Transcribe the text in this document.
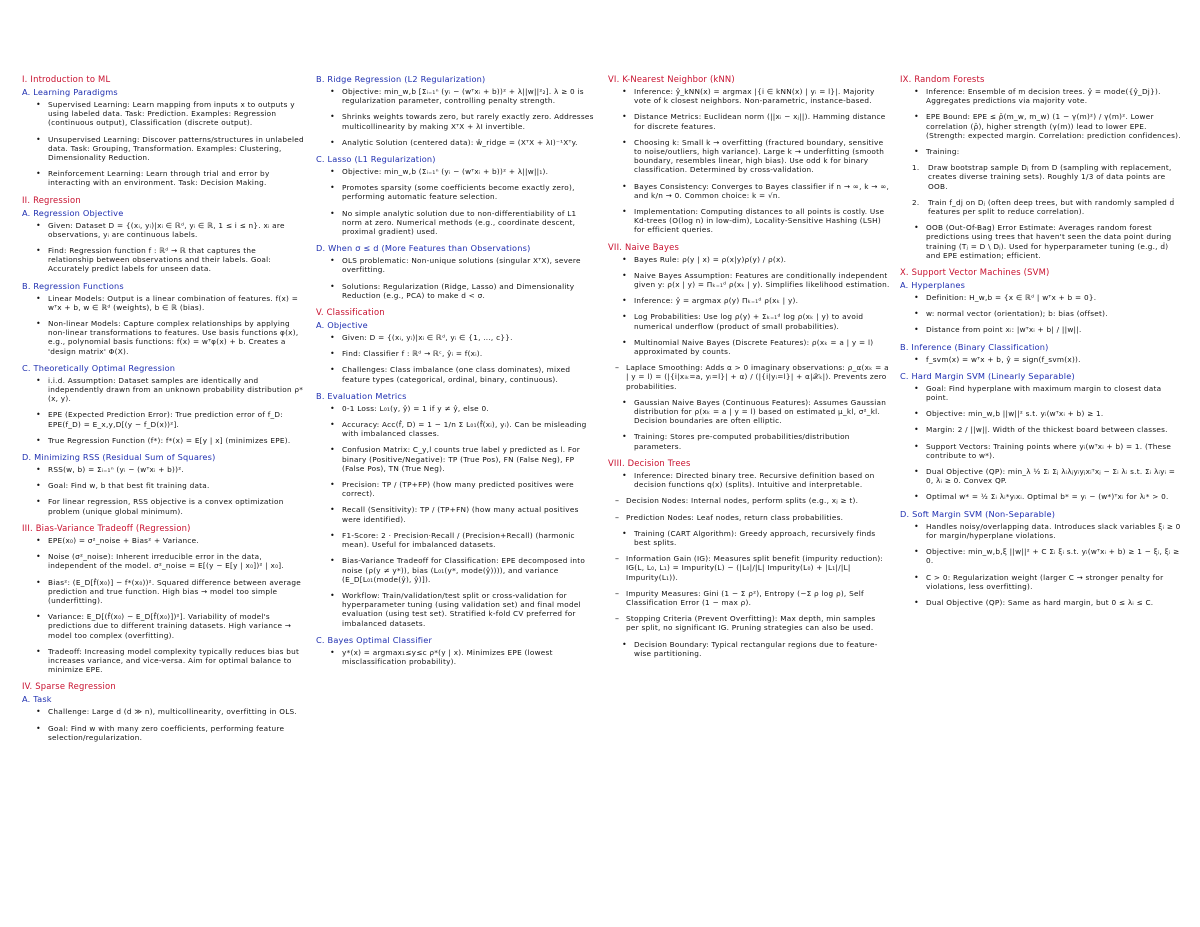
I. Introduction to ML
A. Learning Paradigms
• Supervised Learning: Learn mapping from inputs x to outputs y using labeled data. Task: Prediction. Examples: Regression (continuous output), Classification (discrete output).
• Unsupervised Learning: Discover patterns/structures in unlabeled data. Task: Grouping, Transformation. Examples: Clustering, Dimensionality Reduction.
• Reinforcement Learning: Learn through trial and error by interacting with an environment. Task: Decision Making.
II. Regression
A. Regression Objective
• Given: Dataset D = {(xᵢ, yᵢ)|xᵢ ∈ ℝᵈ, yᵢ ∈ ℝ, 1 ≤ i ≤ n}. xᵢ are observations, yᵢ are continuous labels.
• Find: Regression function f : ℝᵈ → ℝ that captures the relationship between observations and their labels. Goal: Accurately predict labels for unseen data.
B. Regression Functions
• Linear Models: Output is a linear combination of features. f(x) = wᵀx + b, w ∈ ℝᵈ (weights), b ∈ ℝ (bias).
• Non-linear Models: Capture complex relationships by applying non-linear transformations to features. Use basis functions φ(x), e.g., polynomial basis functions: f(x) = wᵀφ(x) + b. Creates a 'design matrix' Φ(X).
C. Theoretically Optimal Regression
• i.i.d. Assumption: Dataset samples are identically and independently drawn from an unknown probability distribution ρ*(x, y).
• EPE (Expected Prediction Error): True prediction error of f_D: EPE(f_D) = E_x,y,D[(y − f_D(x))²].
• True Regression Function (f*): f*(x) = E[y | x] (minimizes EPE).
D. Minimizing RSS (Residual Sum of Squares)
• RSS(w, b) = Σᵢ₌₁ⁿ (yᵢ − (wᵀxᵢ + b))².
• Goal: Find w, b that best fit training data.
• For linear regression, RSS objective is a convex optimization problem (unique global minimum).
III. Bias-Variance Tradeoff (Regression)
• EPE(x₀) = σ²_noise + Bias² + Variance.
• Noise (σ²_noise): Inherent irreducible error in the data, independent of the model. σ²_noise = E[(y − E[y | x₀])² | x₀].
• Bias²: (E_D[f̂(x₀)] − f*(x₀))². Squared difference between average prediction and true function. High bias → model too simple (underfitting).
• Variance: E_D[(f̂(x₀) − E_D[f̂(x₀)])²]. Variability of model's predictions due to different training datasets. High variance → model too complex (overfitting).
• Tradeoff: Increasing model complexity typically reduces bias but increases variance, and vice-versa. Aim for optimal balance to minimize EPE.
IV. Sparse Regression
A. Task
• Challenge: Large d (d ≫ n), multicollinearity, overfitting in OLS.
• Goal: Find w with many zero coefficients, performing feature selection/regularization.
B. Ridge Regression (L2 Regularization)
• Objective: min_w,b [Σᵢ₌₁ⁿ (yᵢ − (wᵀxᵢ + b))² + λ||w||²₂]. λ ≥ 0 is regularization parameter, controlling penalty strength.
• Shrinks weights towards zero, but rarely exactly zero. Addresses multicollinearity by making XᵀX + λI invertible.
• Analytic Solution (centered data): ŵ_ridge = (XᵀX + λI)⁻¹Xᵀy.
C. Lasso (L1 Regularization)
• Objective: min_w,b (Σᵢ₌₁ⁿ (yᵢ − (wᵀxᵢ + b))² + λ||w||₁).
• Promotes sparsity (some coefficients become exactly zero), performing automatic feature selection.
• No simple analytic solution due to non-differentiability of L1 norm at zero. Numerical methods (e.g., coordinate descent, proximal gradient) used.
D. When σ ≤ d (More Features than Observations)
• OLS problematic: Non-unique solutions (singular XᵀX), severe overfitting.
• Solutions: Regularization (Ridge, Lasso) and Dimensionality Reduction (e.g., PCA) to make d < σ.
V. Classification
A. Objective
• Given: D = {(xᵢ, yᵢ)|xᵢ ∈ ℝᵈ, yᵢ ∈ {1, ..., c}}.
• Find: Classifier f : ℝᵈ → ℝᶜ, ŷᵢ = f(xᵢ).
• Challenges: Class imbalance (one class dominates), mixed feature types (categorical, ordinal, binary, continuous).
B. Evaluation Metrics
• 0-1 Loss: L₀₁(y, ŷ) = 1 if y ≠ ŷ, else 0.
• Accuracy: Acc(f̂, D) = 1 − 1/n Σ L₀₁(f̂(xᵢ), yᵢ). Can be misleading with imbalanced classes.
• Confusion Matrix: C_y,l counts true label y predicted as l. For binary (Positive/Negative): TP (True Pos), FN (False Neg), FP (False Pos), TN (True Neg).
• Precision: TP / (TP+FP) (how many predicted positives were correct).
• Recall (Sensitivity): TP / (TP+FN) (how many actual positives were identified).
• F1-Score: 2 · Precision·Recall / (Precision+Recall) (harmonic mean). Useful for imbalanced datasets.
• Bias-Variance Tradeoff for Classification: EPE decomposed into noise (ρ(y ≠ y*)), bias (L₀₁(y*, mode(ŷ)))), and variance (E_D[L₀₁(mode(ŷ), ŷ)]).
• Workflow: Train/validation/test split or cross-validation for hyperparameter tuning (using validation set) and final model evaluation (using test set). Stratified k-fold CV preferred for imbalanced datasets.
C. Bayes Optimal Classifier
• y*(x) = argmax₁≤y≤c ρ*(y | x). Minimizes EPE (lowest misclassification probability).
VI. K-Nearest Neighbor (kNN)
• Inference: ŷ_kNN(x) = argmax |{i ∈ kNN(x) | yᵢ = l}|. Majority vote of k closest neighbors. Non-parametric, instance-based.
• Distance Metrics: Euclidean norm (||xᵢ − xⱼ||). Hamming distance for discrete features.
• Choosing k: Small k → overfitting (fractured boundary, sensitive to noise/outliers, high variance). Large k → underfitting (smooth boundary, resembles linear, high bias). Use odd k for binary classification. Determined by cross-validation.
• Bayes Consistency: Converges to Bayes classifier if n → ∞, k → ∞, and k/n → 0. Common choice: k = √n.
• Implementation: Computing distances to all points is costly. Use Kd-trees (O(log n) in low-dim), Locality-Sensitive Hashing (LSH) for efficient queries.
VII. Naive Bayes
• Bayes Rule: ρ(y | x) = ρ(x|y)ρ(y) / ρ(x).
• Naive Bayes Assumption: Features are conditionally independent given y: ρ(x | y) = Πₖ₌₁ᵈ ρ(xₖ | y). Simplifies likelihood estimation.
• Inference: ŷ = argmax ρ(y) Πₖ₌₁ᵈ ρ(xₖ | y).
• Log Probabilities: Use log ρ(y) + Σₖ₌₁ᵈ log ρ(xₖ | y) to avoid numerical underflow (product of small probabilities).
• Multinomial Naive Bayes (Discrete Features): ρ(xₖ = a | y = l) approximated by counts.
– Laplace Smoothing: Adds α > 0 imaginary observations: ρ_α(xₖ = a | y = l) = (|{i|xᵢₖ=a, yᵢ=l}| + α) / (|{i|yᵢ=l}| + α|𝒳ₖ|). Prevents zero probabilities.
• Gaussian Naive Bayes (Continuous Features): Assumes Gaussian distribution for ρ(xₖ = a | y = l) based on estimated μ_kl, σ²_kl. Decision boundaries are often elliptic.
• Training: Stores pre-computed probabilities/distribution parameters.
VIII. Decision Trees
• Inference: Directed binary tree. Recursive definition based on decision functions q(x) (splits). Intuitive and interpretable.
– Decision Nodes: Internal nodes, perform splits (e.g., xⱼ ≥ t).
– Prediction Nodes: Leaf nodes, return class probabilities.
• Training (CART Algorithm): Greedy approach, recursively finds best splits.
– Information Gain (IG): Measures split benefit (impurity reduction): IG(L, L₀, L₁) = Impurity(L) − (|L₀|/|L| Impurity(L₀) + |L₁|/|L| Impurity(L₁)).
– Impurity Measures: Gini (1 − Σ ρ²), Entropy (−Σ ρ log ρ), Self Classification Error (1 − max ρ).
– Stopping Criteria (Prevent Overfitting): Max depth, min samples per split, no significant IG. Pruning strategies can also be used.
• Decision Boundary: Typical rectangular regions due to feature-wise partitioning.
IX. Random Forests
• Inference: Ensemble of m decision trees. ŷ = mode({ŷ_Dj}). Aggregates predictions via majority vote.
• EPE Bound: EPE ≤ ρ̄(m_w, m_w) (1 − γ(m)²) / γ(m)². Lower correlation (ρ̄), higher strength (γ(m)) lead to lower EPE. (Strength: expected margin. Correlation: prediction confidences).
• Training:
1. Draw bootstrap sample Dⱼ from D (sampling with replacement, creates diverse training sets). Roughly 1/3 of data points are OOB.
2. Train f_dj on Dⱼ (often deep trees, but with randomly sampled ḋ features per split to reduce correlation).
• OOB (Out-Of-Bag) Error Estimate: Averages random forest predictions using trees that haven't seen the data point during training (Tⱼ = D \ Dⱼ). Used for hyperparameter tuning (e.g., ḋ) and EPE estimation; efficient.
X. Support Vector Machines (SVM)
A. Hyperplanes
• Definition: H_w,b = {x ∈ ℝᵈ | wᵀx + b = 0}.
• w: normal vector (orientation); b: bias (offset).
• Distance from point xᵢ: |wᵀxᵢ + b| / ||w||.
B. Inference (Binary Classification)
• f_svm(x) = wᵀx + b, ŷ = sign(f_svm(x)).
C. Hard Margin SVM (Linearly Separable)
• Goal: Find hyperplane with maximum margin to closest data point.
• Objective: min_w,b ||w||² s.t. yᵢ(wᵀxᵢ + b) ≥ 1.
• Margin: 2 / ||w||. Width of the thickest board between classes.
• Support Vectors: Training points where yᵢ(wᵀxᵢ + b) = 1. (These contribute to w*).
• Dual Objective (QP): min_λ ½ Σᵢ Σⱼ λᵢλⱼyᵢyⱼxᵢᵀxⱼ − Σᵢ λᵢ s.t. Σᵢ λᵢyᵢ = 0, λᵢ ≥ 0. Convex QP.
• Optimal w* = ½ Σᵢ λᵢ*yᵢxᵢ. Optimal b* = yᵢ − (w*)ᵀxᵢ for λᵢ* > 0.
D. Soft Margin SVM (Non-Separable)
• Handles noisy/overlapping data. Introduces slack variables ξᵢ ≥ 0 for margin/hyperplane violations.
• Objective: min_w,b,ξ ||w||² + C Σᵢ ξᵢ s.t. yᵢ(wᵀxᵢ + b) ≥ 1 − ξᵢ, ξᵢ ≥ 0.
• C > 0: Regularization weight (larger C → stronger penalty for violations, less overfitting).
• Dual Objective (QP): Same as hard margin, but 0 ≤ λᵢ ≤ C.
